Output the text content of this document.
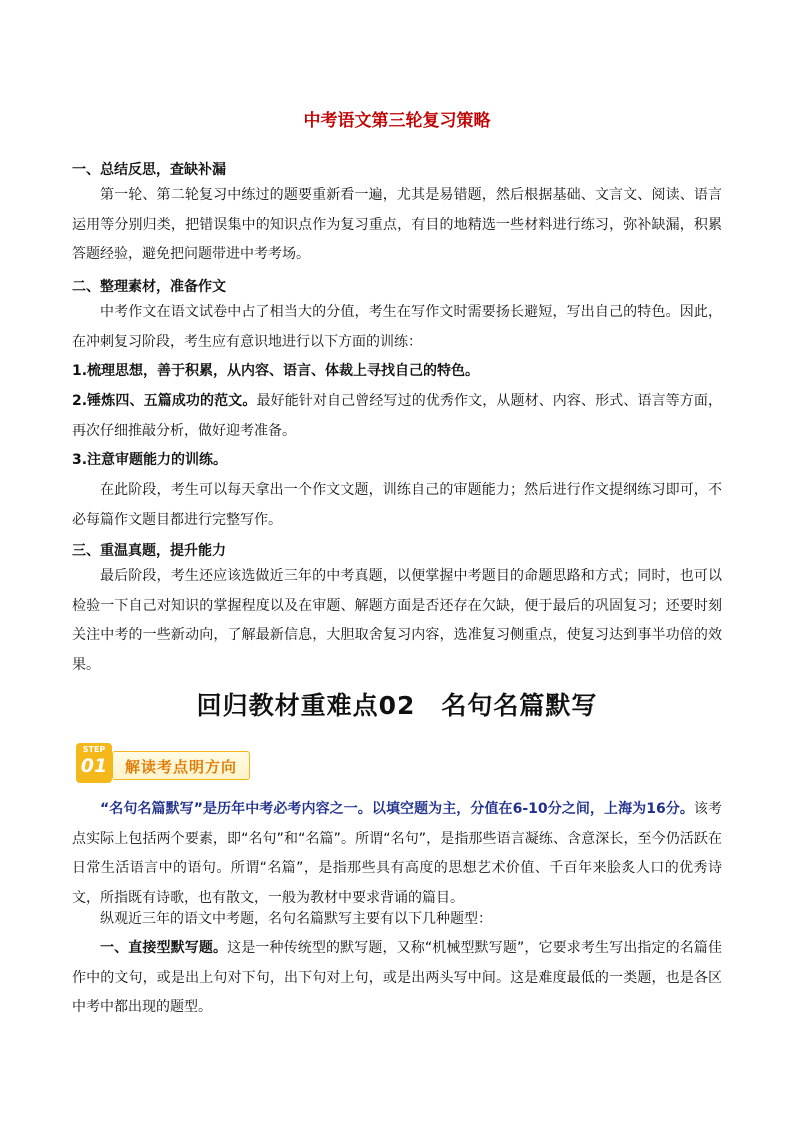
中考语文第三轮复习策略
一、总结反思，查缺补漏

第一轮、第二轮复习中练过的题要重新看一遍，尤其是易错题，然后根据基础、文言文、阅读、语言运用等分别归类，把错误集中的知识点作为复习重点，有目的地精选一些材料进行练习，弥补缺漏，积累答题经验，避免把问题带进中考考场。

二、整理素材，准备作文

中考作文在语文试卷中占了相当大的分值，考生在写作文时需要扬长避短，写出自己的特色。因此，在冲刺复习阶段，考生应有意识地进行以下方面的训练：

1.梳理思想，善于积累，从内容、语言、体裁上寻找自己的特色。

2.锤炼四、五篇成功的范文。最好能针对自己曾经写过的优秀作文，从题材、内容、形式、语言等方面，再次仔细推敲分析，做好迎考准备。

3.注意审题能力的训练。

在此阶段，考生可以每天拿出一个作文文题，训练自己的审题能力；然后进行作文提纲练习即可，不必每篇作文题目都进行完整写作。

三、重温真题，提升能力

最后阶段，考生还应该选做近三年的中考真题，以便掌握中考题目的命题思路和方式；同时，也可以检验一下自己对知识的掌握程度以及在审题、解题方面是否还存在欠缺，便于最后的巩固复习；还要时刻关注中考的一些新动向，了解最新信息，大胆取舍复习内容，选准复习侧重点，使复习达到事半功倍的效果。

回归教材重难点02　名句名篇默写
解读考点明方向
STEP
01

“名句名篇默写”是历年中考必考内容之一。以填空题为主，分值在6-10分之间，上海为16分。该考点实际上包括两个要素，即“名句”和“名篇”。所谓“名句”，是指那些语言凝练、含意深长，至今仍活跃在日常生活语言中的语句。所谓“名篇”，是指那些具有高度的思想艺术价值、千百年来脍炙人口的优秀诗文，所指既有诗歌，也有散文，一般为教材中要求背诵的篇目。

纵观近三年的语文中考题，名句名篇默写主要有以下几种题型：

一、直接型默写题。这是一种传统型的默写题，又称“机械型默写题”，它要求考生写出指定的名篇佳作中的文句，或是出上句对下句，出下句对上句，或是出两头写中间。这是难度最低的一类题，也是各区中考中都出现的题型。
